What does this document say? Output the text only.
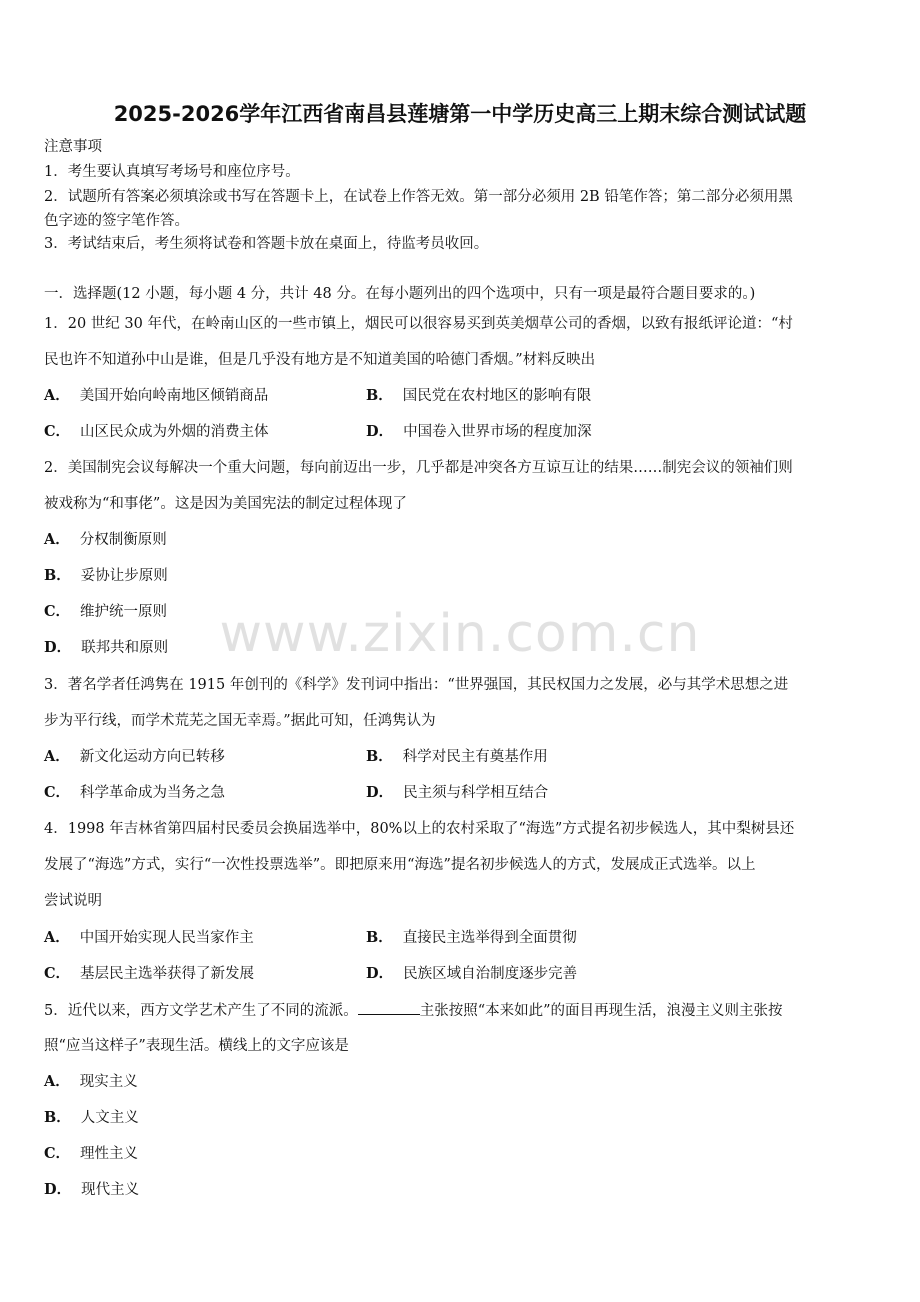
2025-2026学年江西省南昌县莲塘第一中学历史高三上期末综合测试试题
注意事项
1．考生要认真填写考场号和座位序号。
2．试题所有答案必须填涂或书写在答题卡上，在试卷上作答无效。第一部分必须用 2B 铅笔作答；第二部分必须用黑
色字迹的签字笔作答。
3．考试结束后，考生须将试卷和答题卡放在桌面上，待监考员收回。
一．选择题(12 小题，每小题 4 分，共计 48 分。在每小题列出的四个选项中，只有一项是最符合题目要求的。)
1．20 世纪 30 年代，在岭南山区的一些市镇上，烟民可以很容易买到英美烟草公司的香烟，以致有报纸评论道：“村
民也许不知道孙中山是谁，但是几乎没有地方是不知道美国的哈德门香烟。”材料反映出
A． 美国开始向岭南地区倾销商品	B． 国民党在农村地区的影响有限
C． 山区民众成为外烟的消费主体	D． 中国卷入世界市场的程度加深
2．美国制宪会议每解决一个重大问题，每向前迈出一步，几乎都是冲突各方互谅互让的结果……制宪会议的领袖们则
被戏称为“和事佬”。这是因为美国宪法的制定过程体现了
A． 分权制衡原则
B． 妥协让步原则
C． 维护统一原则
D． 联邦共和原则
3．著名学者任鸿隽在 1915 年创刊的《科学》发刊词中指出：“世界强国，其民权国力之发展，必与其学术思想之进
步为平行线，而学术荒芜之国无幸焉。”据此可知，任鸿隽认为
A． 新文化运动方向已转移	B． 科学对民主有奠基作用
C． 科学革命成为当务之急	D． 民主须与科学相互结合
4．1998 年吉林省第四届村民委员会换届选举中，80%以上的农村采取了“海选”方式提名初步候选人，其中梨树县还
发展了“海选”方式，实行“一次性投票选举”。即把原来用“海选”提名初步候选人的方式，发展成正式选举。以上
尝试说明
A． 中国开始实现人民当家作主	B． 直接民主选举得到全面贯彻
C． 基层民主选举获得了新发展	D． 民族区域自治制度逐步完善
5．近代以来，西方文学艺术产生了不同的流派。	主张按照“本来如此”的面目再现生活，浪漫主义则主张按
照“应当这样子”表现生活。横线上的文字应该是
A． 现实主义
B． 人文主义
C． 理性主义
D． 现代主义
www.zixin.com.cn
